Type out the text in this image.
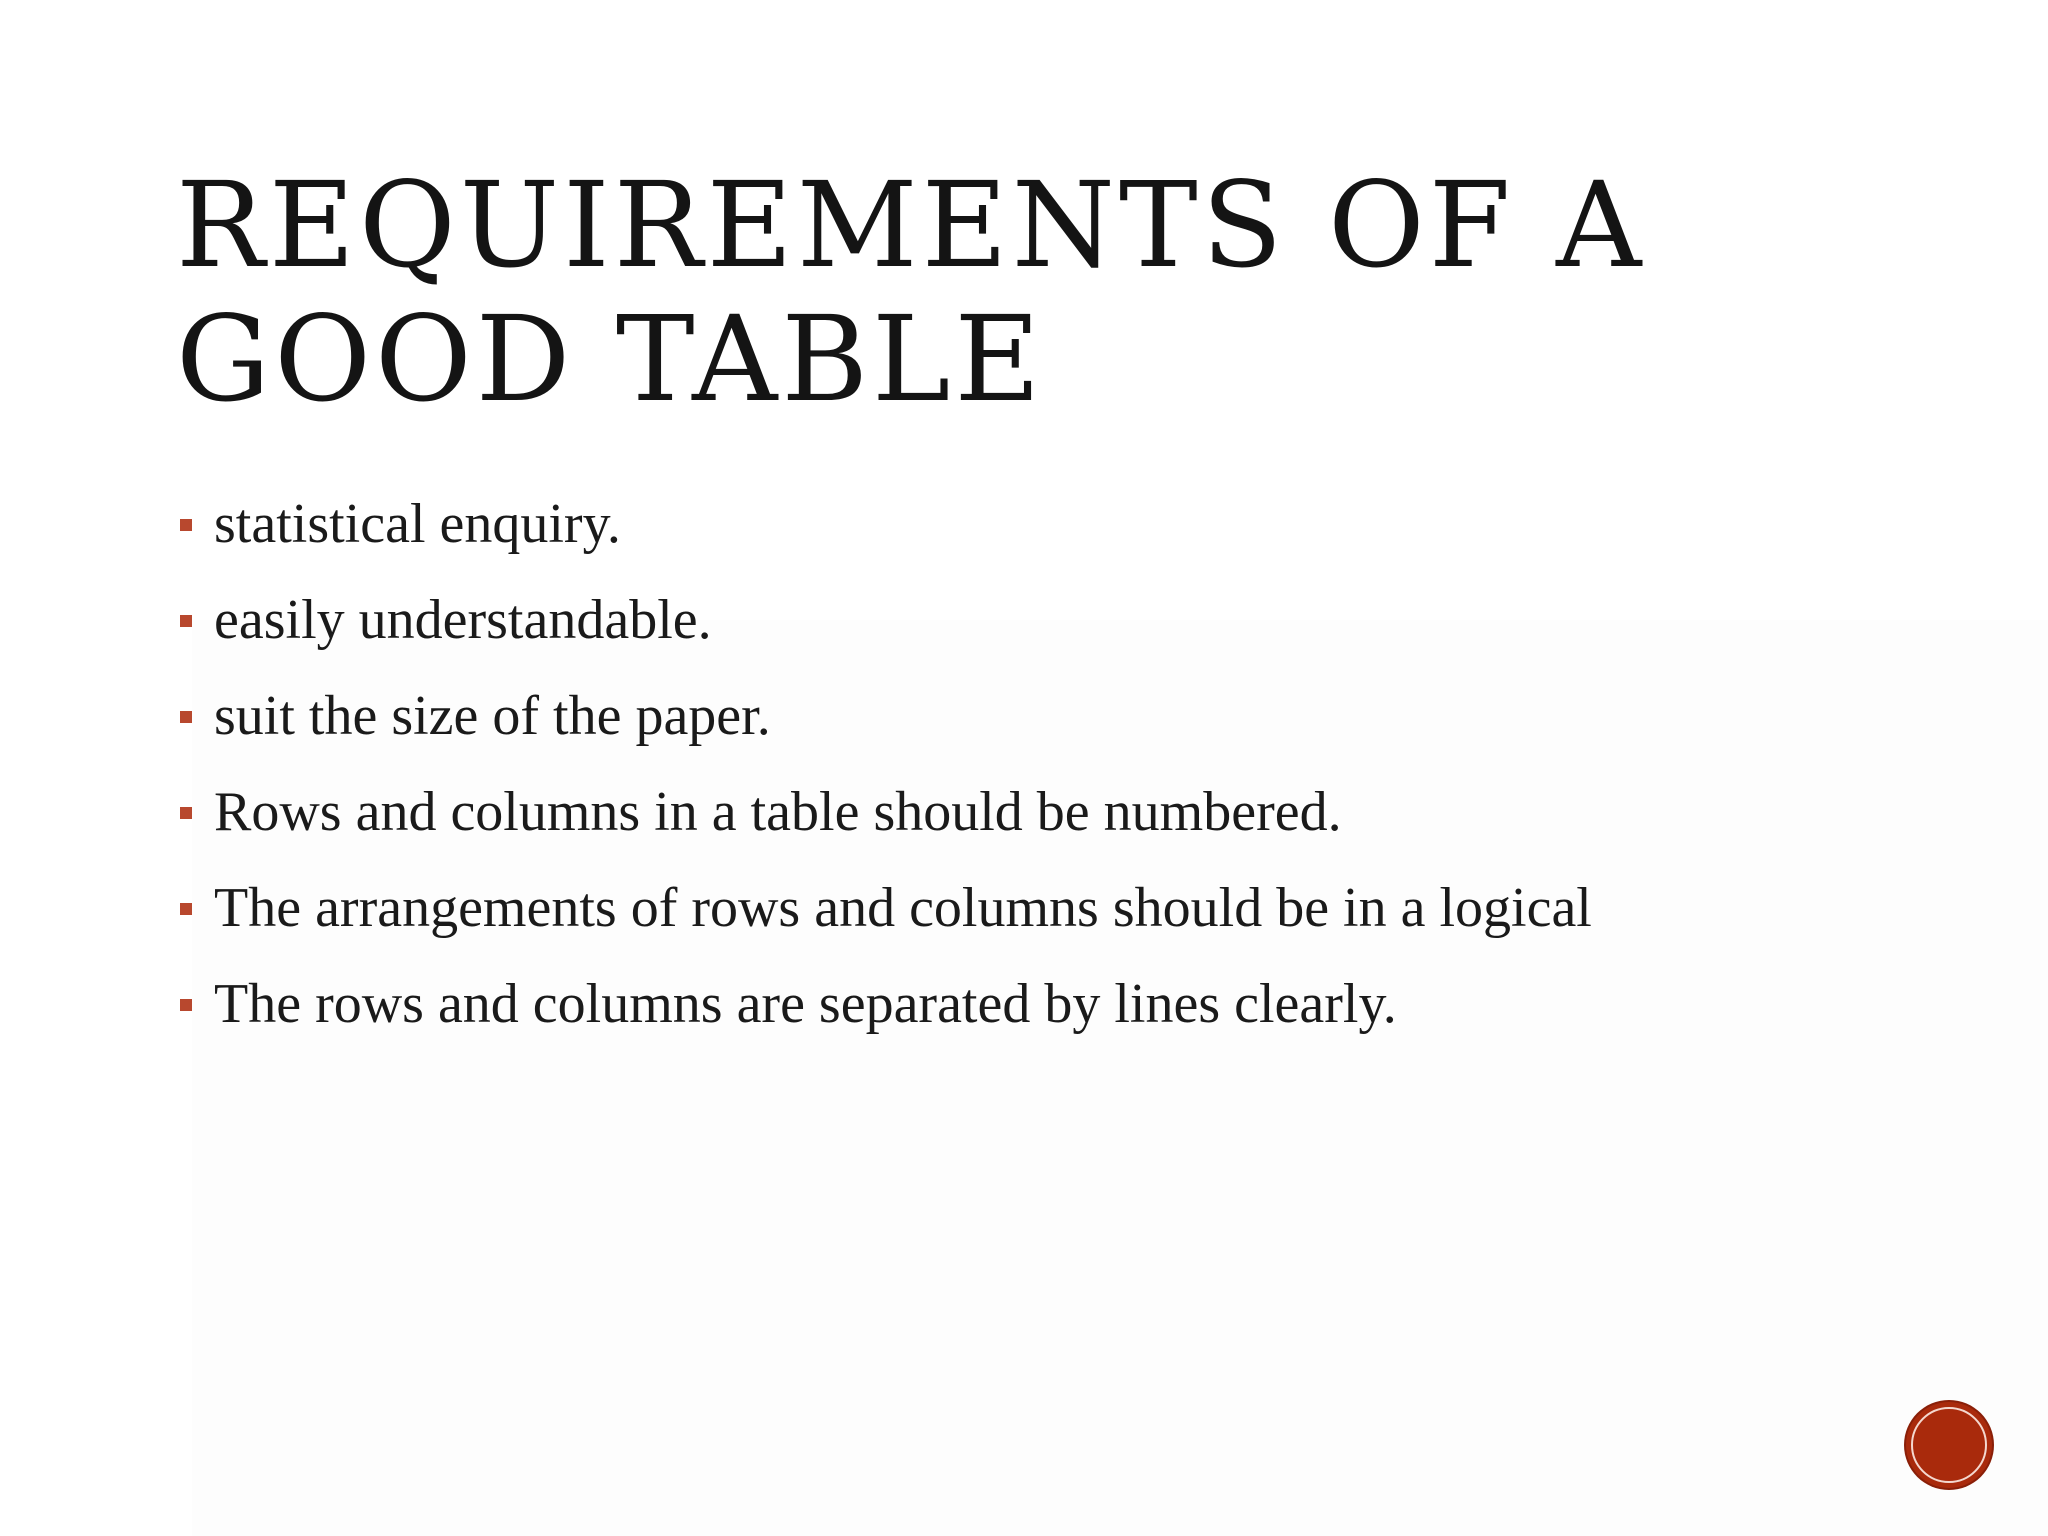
REQUIREMENTS OF A
GOOD TABLE
statistical enquiry.
easily understandable.
suit the size of the paper.
Rows and columns in a table should be numbered.
The arrangements of rows and columns should be in a logical
The rows and columns are separated by lines clearly.
